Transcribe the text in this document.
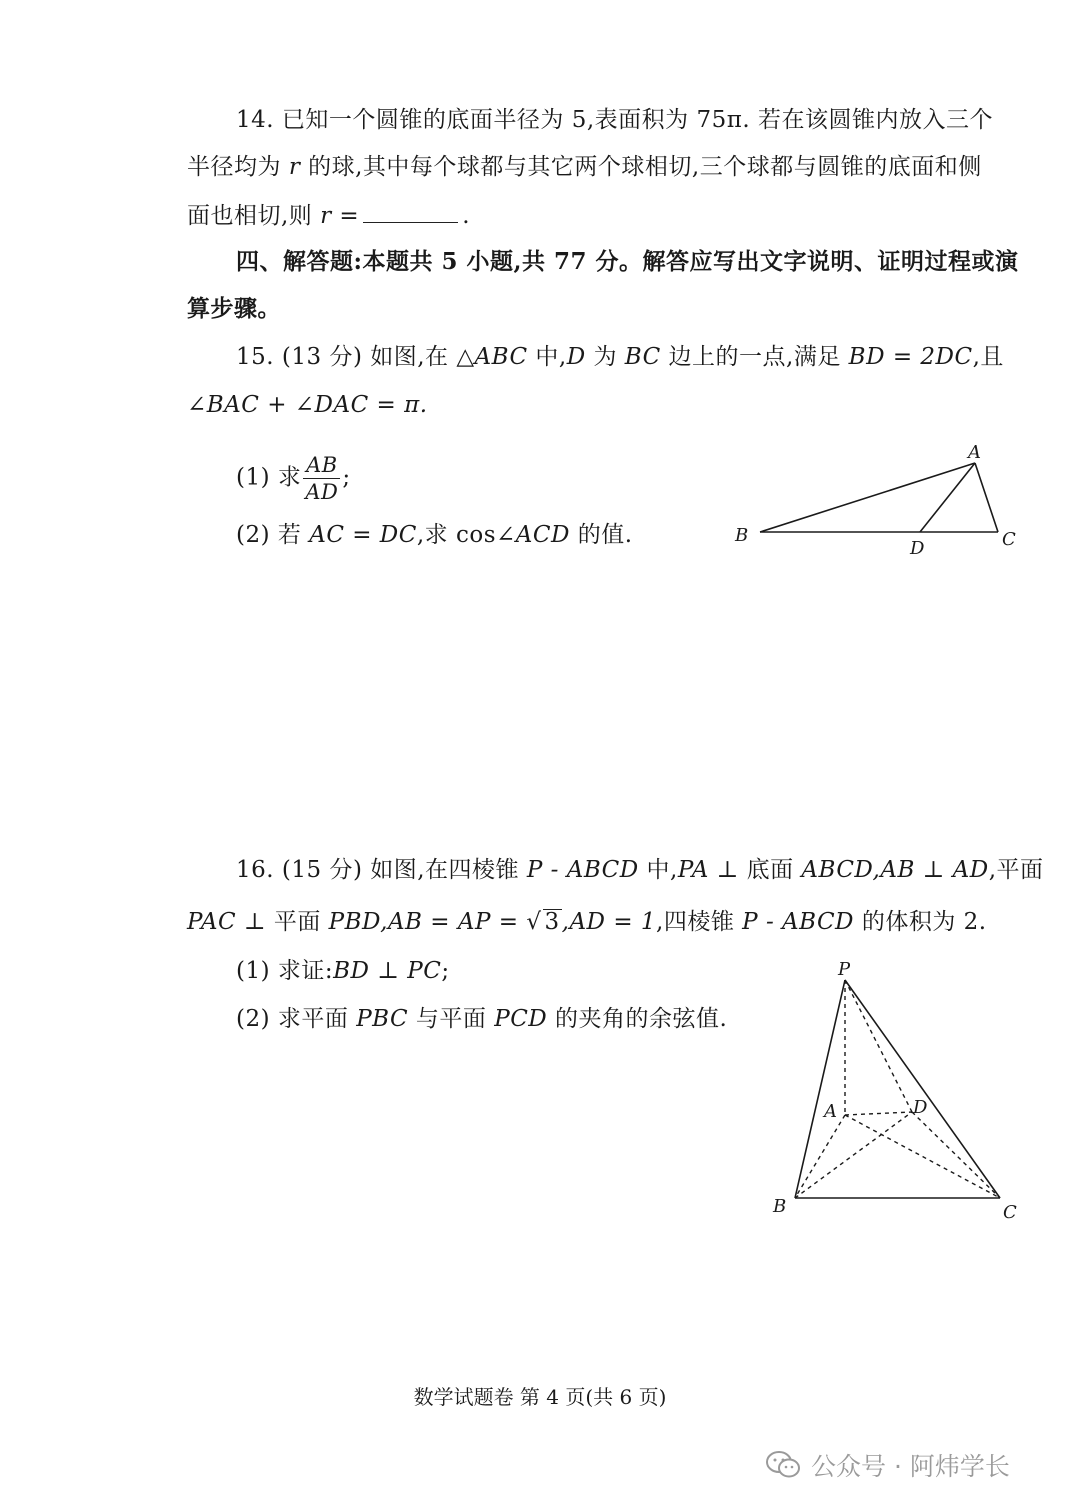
14. 已知一个圆锥的底面半径为 5,表面积为 75π. 若在该圆锥内放入三个
半径均为 r 的球,其中每个球都与其它两个球相切,三个球都与圆锥的底面和侧
面也相切,则 r =	.
四、解答题:本题共 5 小题,共 77 分。解答应写出文字说明、证明过程或演
算步骤。
15. (13 分) 如图,在 △ABC 中,D 为 BC 边上的一点,满足 BD = 2DC,且
∠BAC + ∠DAC = π.
(1) 求 $\frac{AB}{AD}$ ;
(2) 若 AC = DC,求 cos∠ACD 的值.
A
B	C
D
16. (15 分) 如图,在四棱锥 P - ABCD 中,PA ⊥ 底面 ABCD,AB ⊥ AD,平面
PAC ⊥ 平面 PBD,AB = AP = √ 3,AD = 1,四棱锥 P - ABCD 的体积为 2.
(1) 求证:BD ⊥ PC;
(2) 求平面 PBC 与平面 PCD 的夹角的余弦值.
P
A	D
B	C
数学试题卷 第 4 页(共 6 页)
公众号 · 阿炜学长
